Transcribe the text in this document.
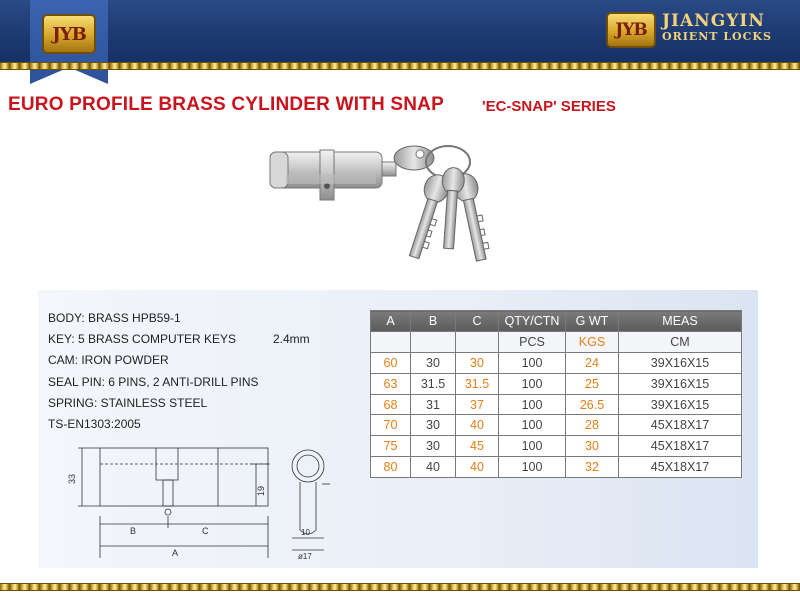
JYB	JYB JIANGYIN
ORIENT LOCKS
EURO PROFILE BRASS CYLINDER WITH SNAP	'EC-SNAP' SERIES
BODY: BRASS HPB59-1
KEY: 5 BRASS COMPUTER KEYS	2.4mm
CAM: IRON POWDER
SEAL PIN: 6 PINS, 2 ANTI-DRILL PINS
SPRING: STAINLESS STEEL
TS-EN1303:2005
A	B	C	QTY/CTN	G WT	MEAS
			PCS	KGS	CM
60	30	30	100	24	39X16X15
63	31.5	31.5	100	25	39X16X15
68	31	37	100	26.5	39X16X15
70	30	40	100	28	45X18X17
75	30	45	100	30	45X18X17
80	40	40	100	32	45X18X17
33
19
B	C
A
10
ø17
